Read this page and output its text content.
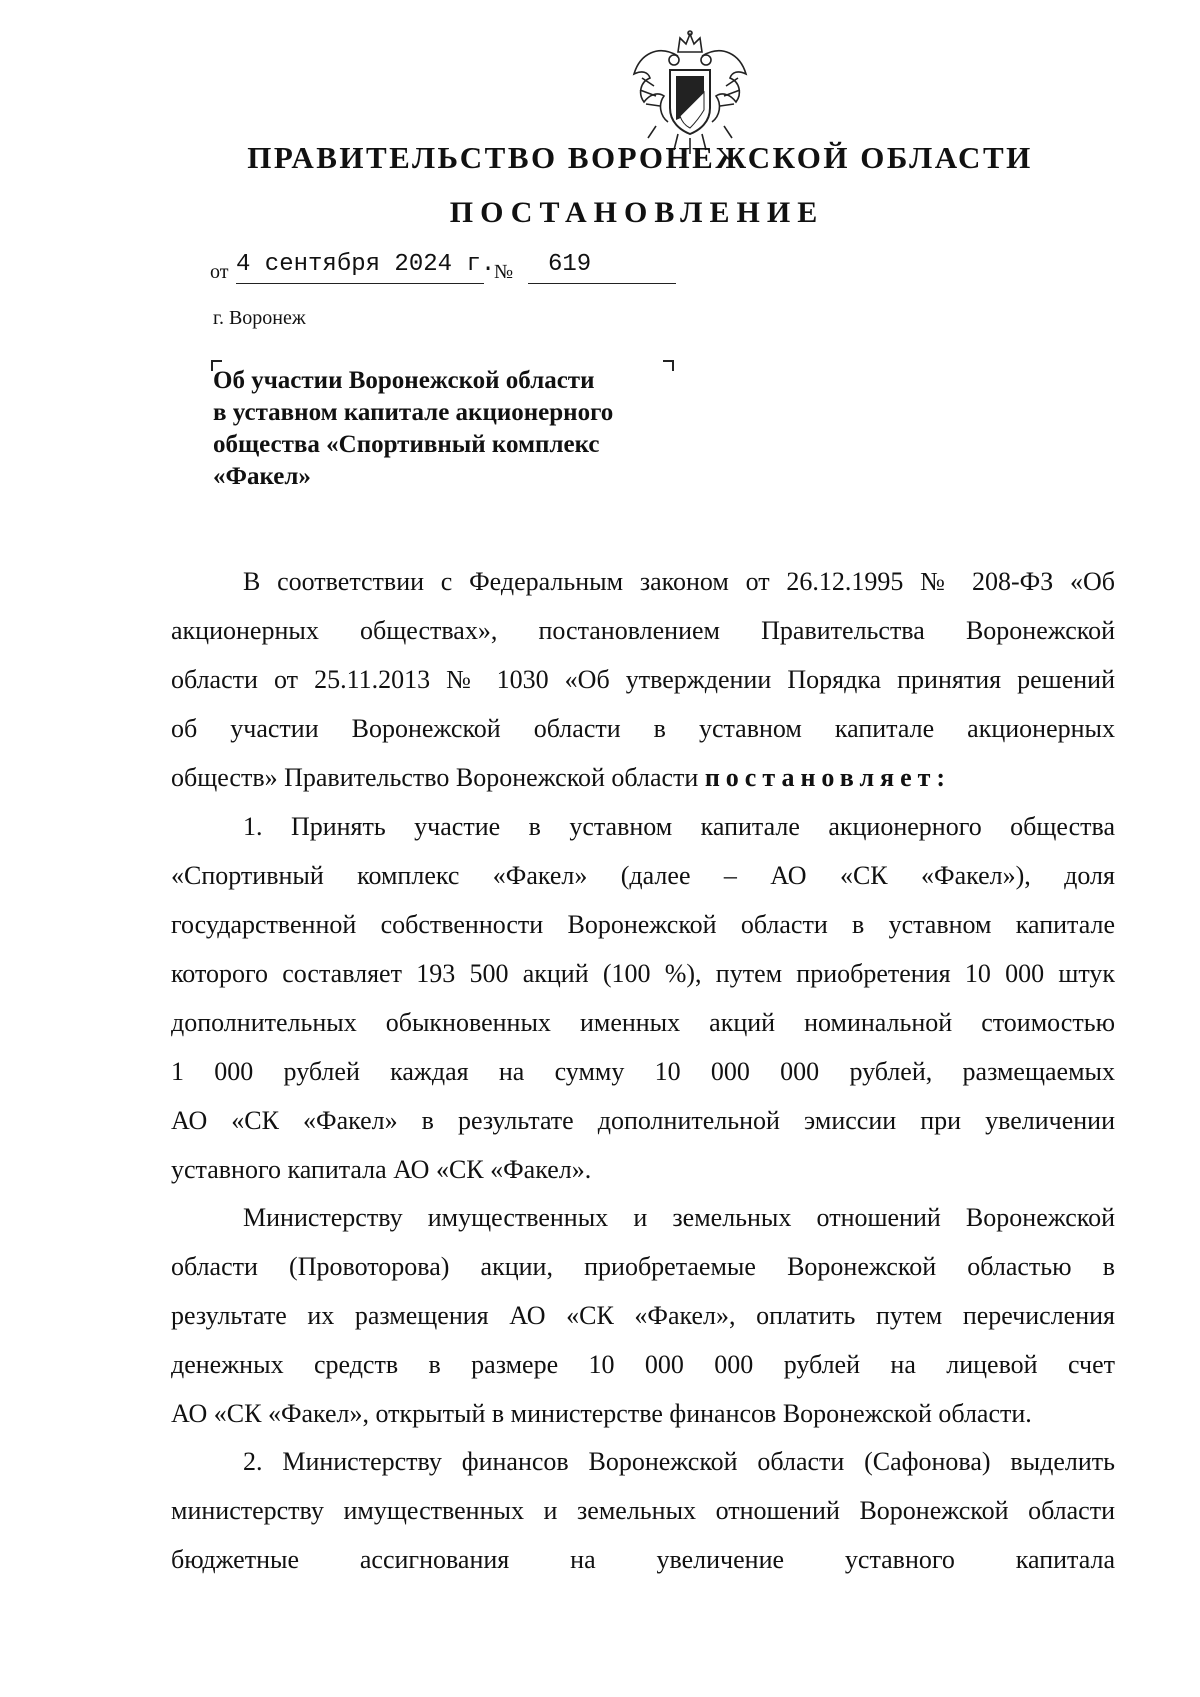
ПРАВИТЕЛЬСТВО ВОРОНЕЖСКОЙ ОБЛАСТИ
ПОСТАНОВЛЕНИЕ
от 4 сентября 2024 г.
№ 619
г. Воронеж
Об участии Воронежской области
в уставном капитале акционерного
общества «Спортивный комплекс
«Факел»
В соответствии с Федеральным законом от 26.12.1995 № 208-ФЗ «Об
акционерных обществах», постановлением Правительства Воронежской
области от 25.11.2013 № 1030 «Об утверждении Порядка принятия решений
об участии Воронежской области в уставном капитале акционерных
обществ» Правительство Воронежской области постановляет:
1. Принять участие в уставном капитале акционерного общества
«Спортивный комплекс «Факел» (далее – АО «СК «Факел»), доля
государственной собственности Воронежской области в уставном капитале
которого составляет 193 500 акций (100 %), путем приобретения 10 000 штук
дополнительных обыкновенных именных акций номинальной стоимостью
1 000 рублей каждая на сумму 10 000 000 рублей, размещаемых
АО «СК «Факел» в результате дополнительной эмиссии при увеличении
уставного капитала АО «СК «Факел».
Министерству имущественных и земельных отношений Воронежской
области (Провоторова) акции, приобретаемые Воронежской областью в
результате их размещения АО «СК «Факел», оплатить путем перечисления
денежных средств в размере 10 000 000 рублей на лицевой счет
АО «СК «Факел», открытый в министерстве финансов Воронежской области.
2. Министерству финансов Воронежской области (Сафонова) выделить
министерству имущественных и земельных отношений Воронежской области
бюджетные ассигнования на увеличение уставного капитала
